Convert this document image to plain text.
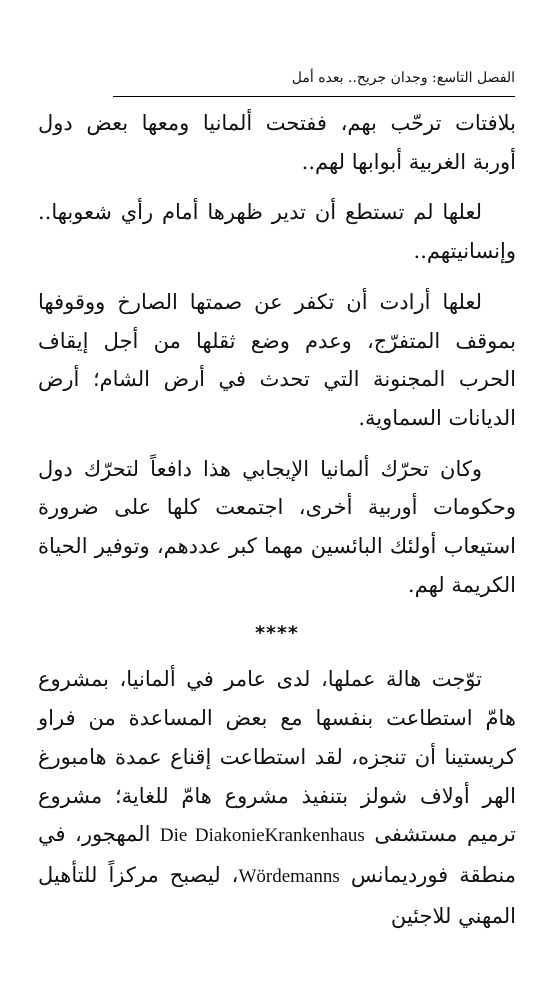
الفصل التاسع: وجدان جريح.. بعده أمل

بلافتات ترحّب بهم، ففتحت ألمانيا ومعها بعض دول أوربة الغربية أبوابها لهم..

لعلها لم تستطع أن تدير ظهرها أمام رأي شعوبها.. وإنسانيتهم..

لعلها أرادت أن تكفر عن صمتها الصارخ ووقوفها بموقف المتفرّج، وعدم وضع ثقلها من أجل إيقاف الحرب المجنونة التي تحدث في أرض الشام؛ أرض الديانات السماوية.

وكان تحرّك ألمانيا الإيجابي هذا دافعاً لتحرّك دول وحكومات أوربية أخرى، اجتمعت كلها على ضرورة استيعاب أولئك البائسين مهما كبر عددهم، وتوفير الحياة الكريمة لهم.

****

توّجت هالة عملها، لدى عامر في ألمانيا، بمشروع هامّ استطاعت بنفسها مع بعض المساعدة من فراو كريستينا أن تنجزه، لقد استطاعت إقناع عمدة هامبورغ الهر أولاف شولز بتنفيذ مشروع هامّ للغاية؛ مشروع ترميم مستشفى Die DiakonieKrankenhaus المهجور، في منطقة فورديمانس Wördemanns، ليصبح مركزاً للتأهيل المهني للاجئين
